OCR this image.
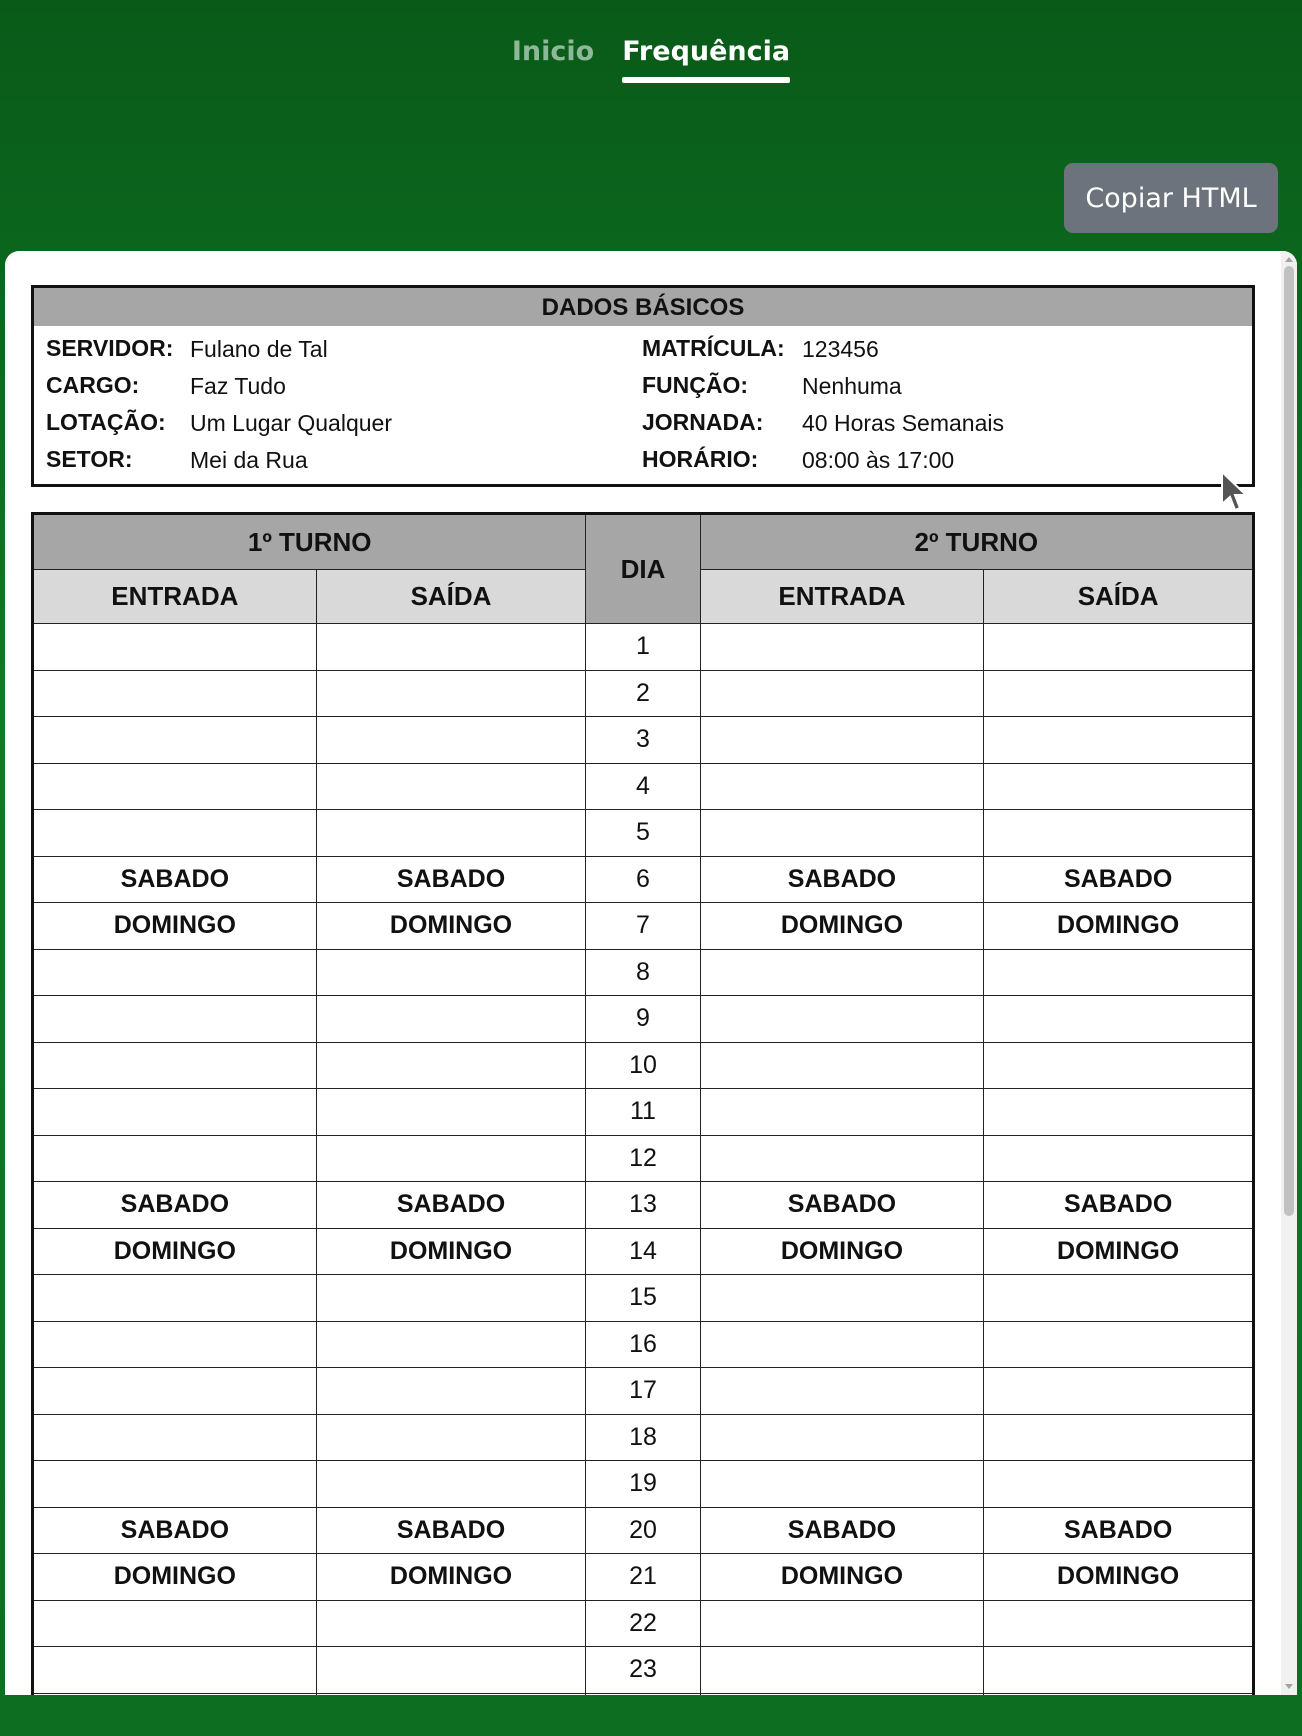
Inicio Frequência
Copiar HTML
DADOS BÁSICOS
SERVIDOR: Fulano de Tal	MATRÍCULA: 123456
CARGO:	Faz Tudo	FUNÇÃO:	Nenhuma
LOTAÇÃO:	Um Lugar Qualquer	JORNADA:	40 Horas Semanais
SETOR:	Mei da Rua	HORÁRIO:	08:00 às 17:00
1º TURNO		DIA	2º TURNO	
ENTRADA	SAÍDA		ENTRADA	SAÍDA
		1		
		2		
		3		
		4		
		5		
SABADO	SABADO	6	SABADO	SABADO
DOMINGO	DOMINGO	7	DOMINGO	DOMINGO
		8		
		9		
		10		
		11		
		12		
SABADO	SABADO	13	SABADO	SABADO
DOMINGO	DOMINGO	14	DOMINGO	DOMINGO
		15		
		16		
		17		
		18		
		19		
SABADO	SABADO	20	SABADO	SABADO
DOMINGO	DOMINGO	21	DOMINGO	DOMINGO
		22		
		23		
